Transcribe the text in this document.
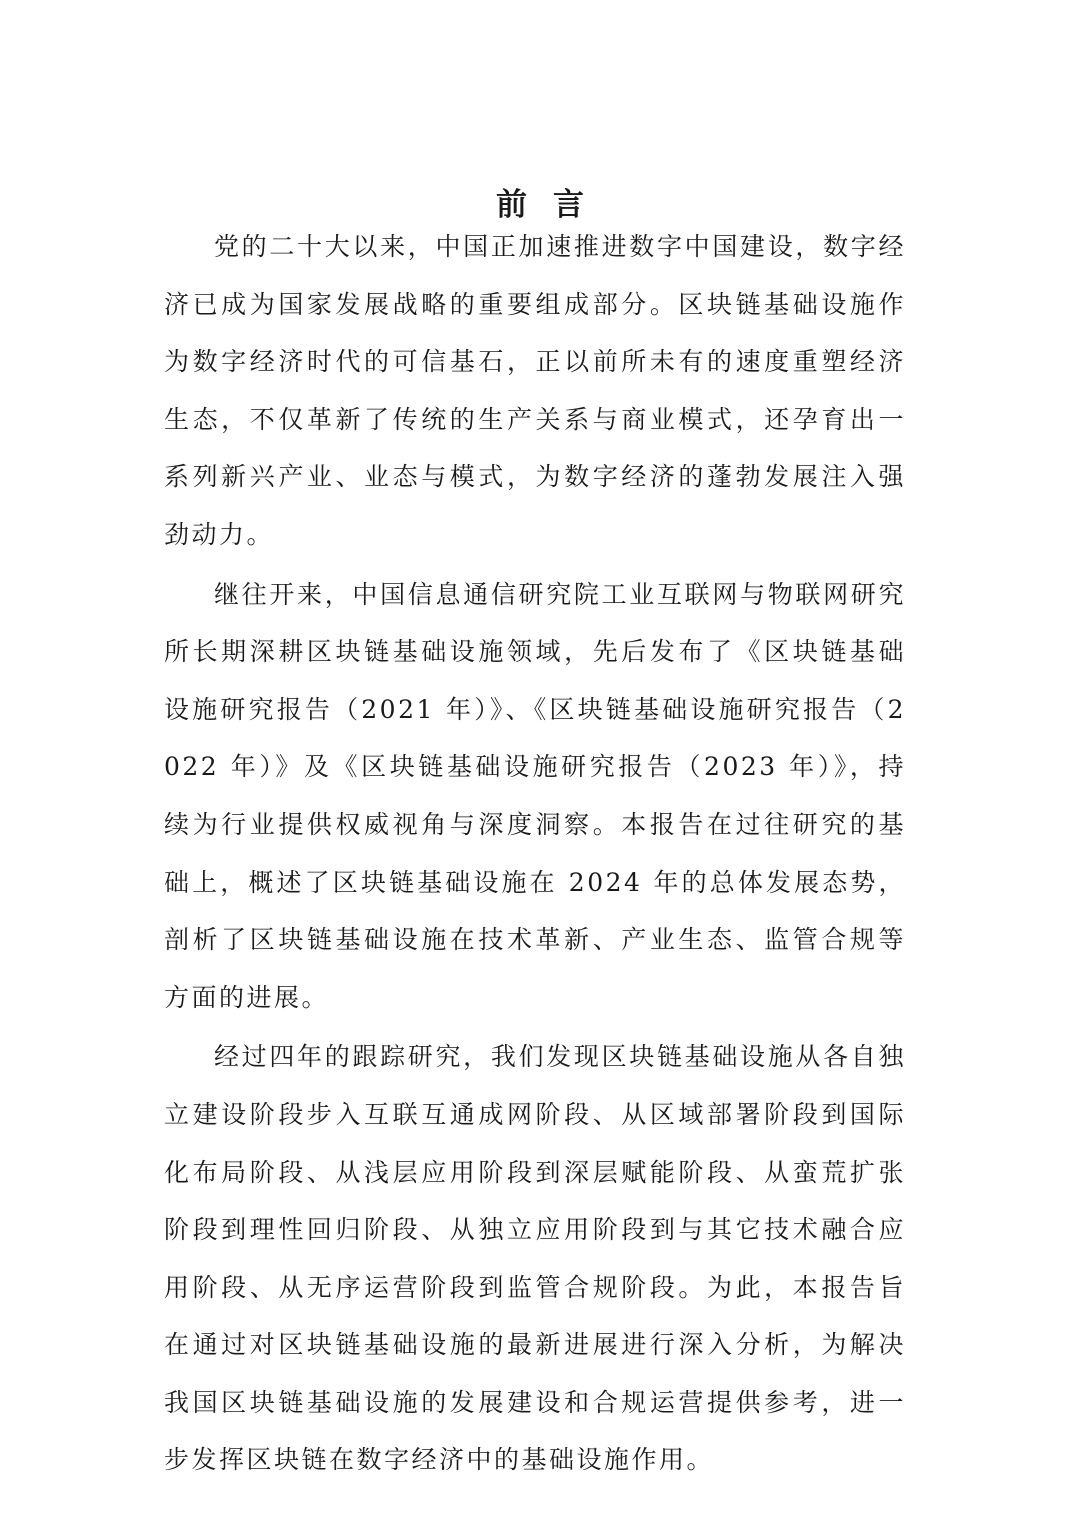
前言

党的二十大以来，中国正加速推进数字中国建设，数字经济已成为国家发展战略的重要组成部分。区块链基础设施作为数字经济时代的可信基石，正以前所未有的速度重塑经济生态，不仅革新了传统的生产关系与商业模式，还孕育出一系列新兴产业、业态与模式，为数字经济的蓬勃发展注入强劲动力。

继往开来，中国信息通信研究院工业互联网与物联网研究所长期深耕区块链基础设施领域，先后发布了《区块链基础设施研究报告（2021 年）》、《区块链基础设施研究报告（2022 年）》及《区块链基础设施研究报告（2023 年）》，持续为行业提供权威视角与深度洞察。本报告在过往研究的基础上，概述了区块链基础设施在 2024 年的总体发展态势，剖析了区块链基础设施在技术革新、产业生态、监管合规等方面的进展。

经过四年的跟踪研究，我们发现区块链基础设施从各自独立建设阶段步入互联互通成网阶段、从区域部署阶段到国际化布局阶段、从浅层应用阶段到深层赋能阶段、从蛮荒扩张阶段到理性回归阶段、从独立应用阶段到与其它技术融合应用阶段、从无序运营阶段到监管合规阶段。为此，本报告旨在通过对区块链基础设施的最新进展进行深入分析，为解决我国区块链基础设施的发展建设和合规运营提供参考，进一步发挥区块链在数字经济中的基础设施作用。
